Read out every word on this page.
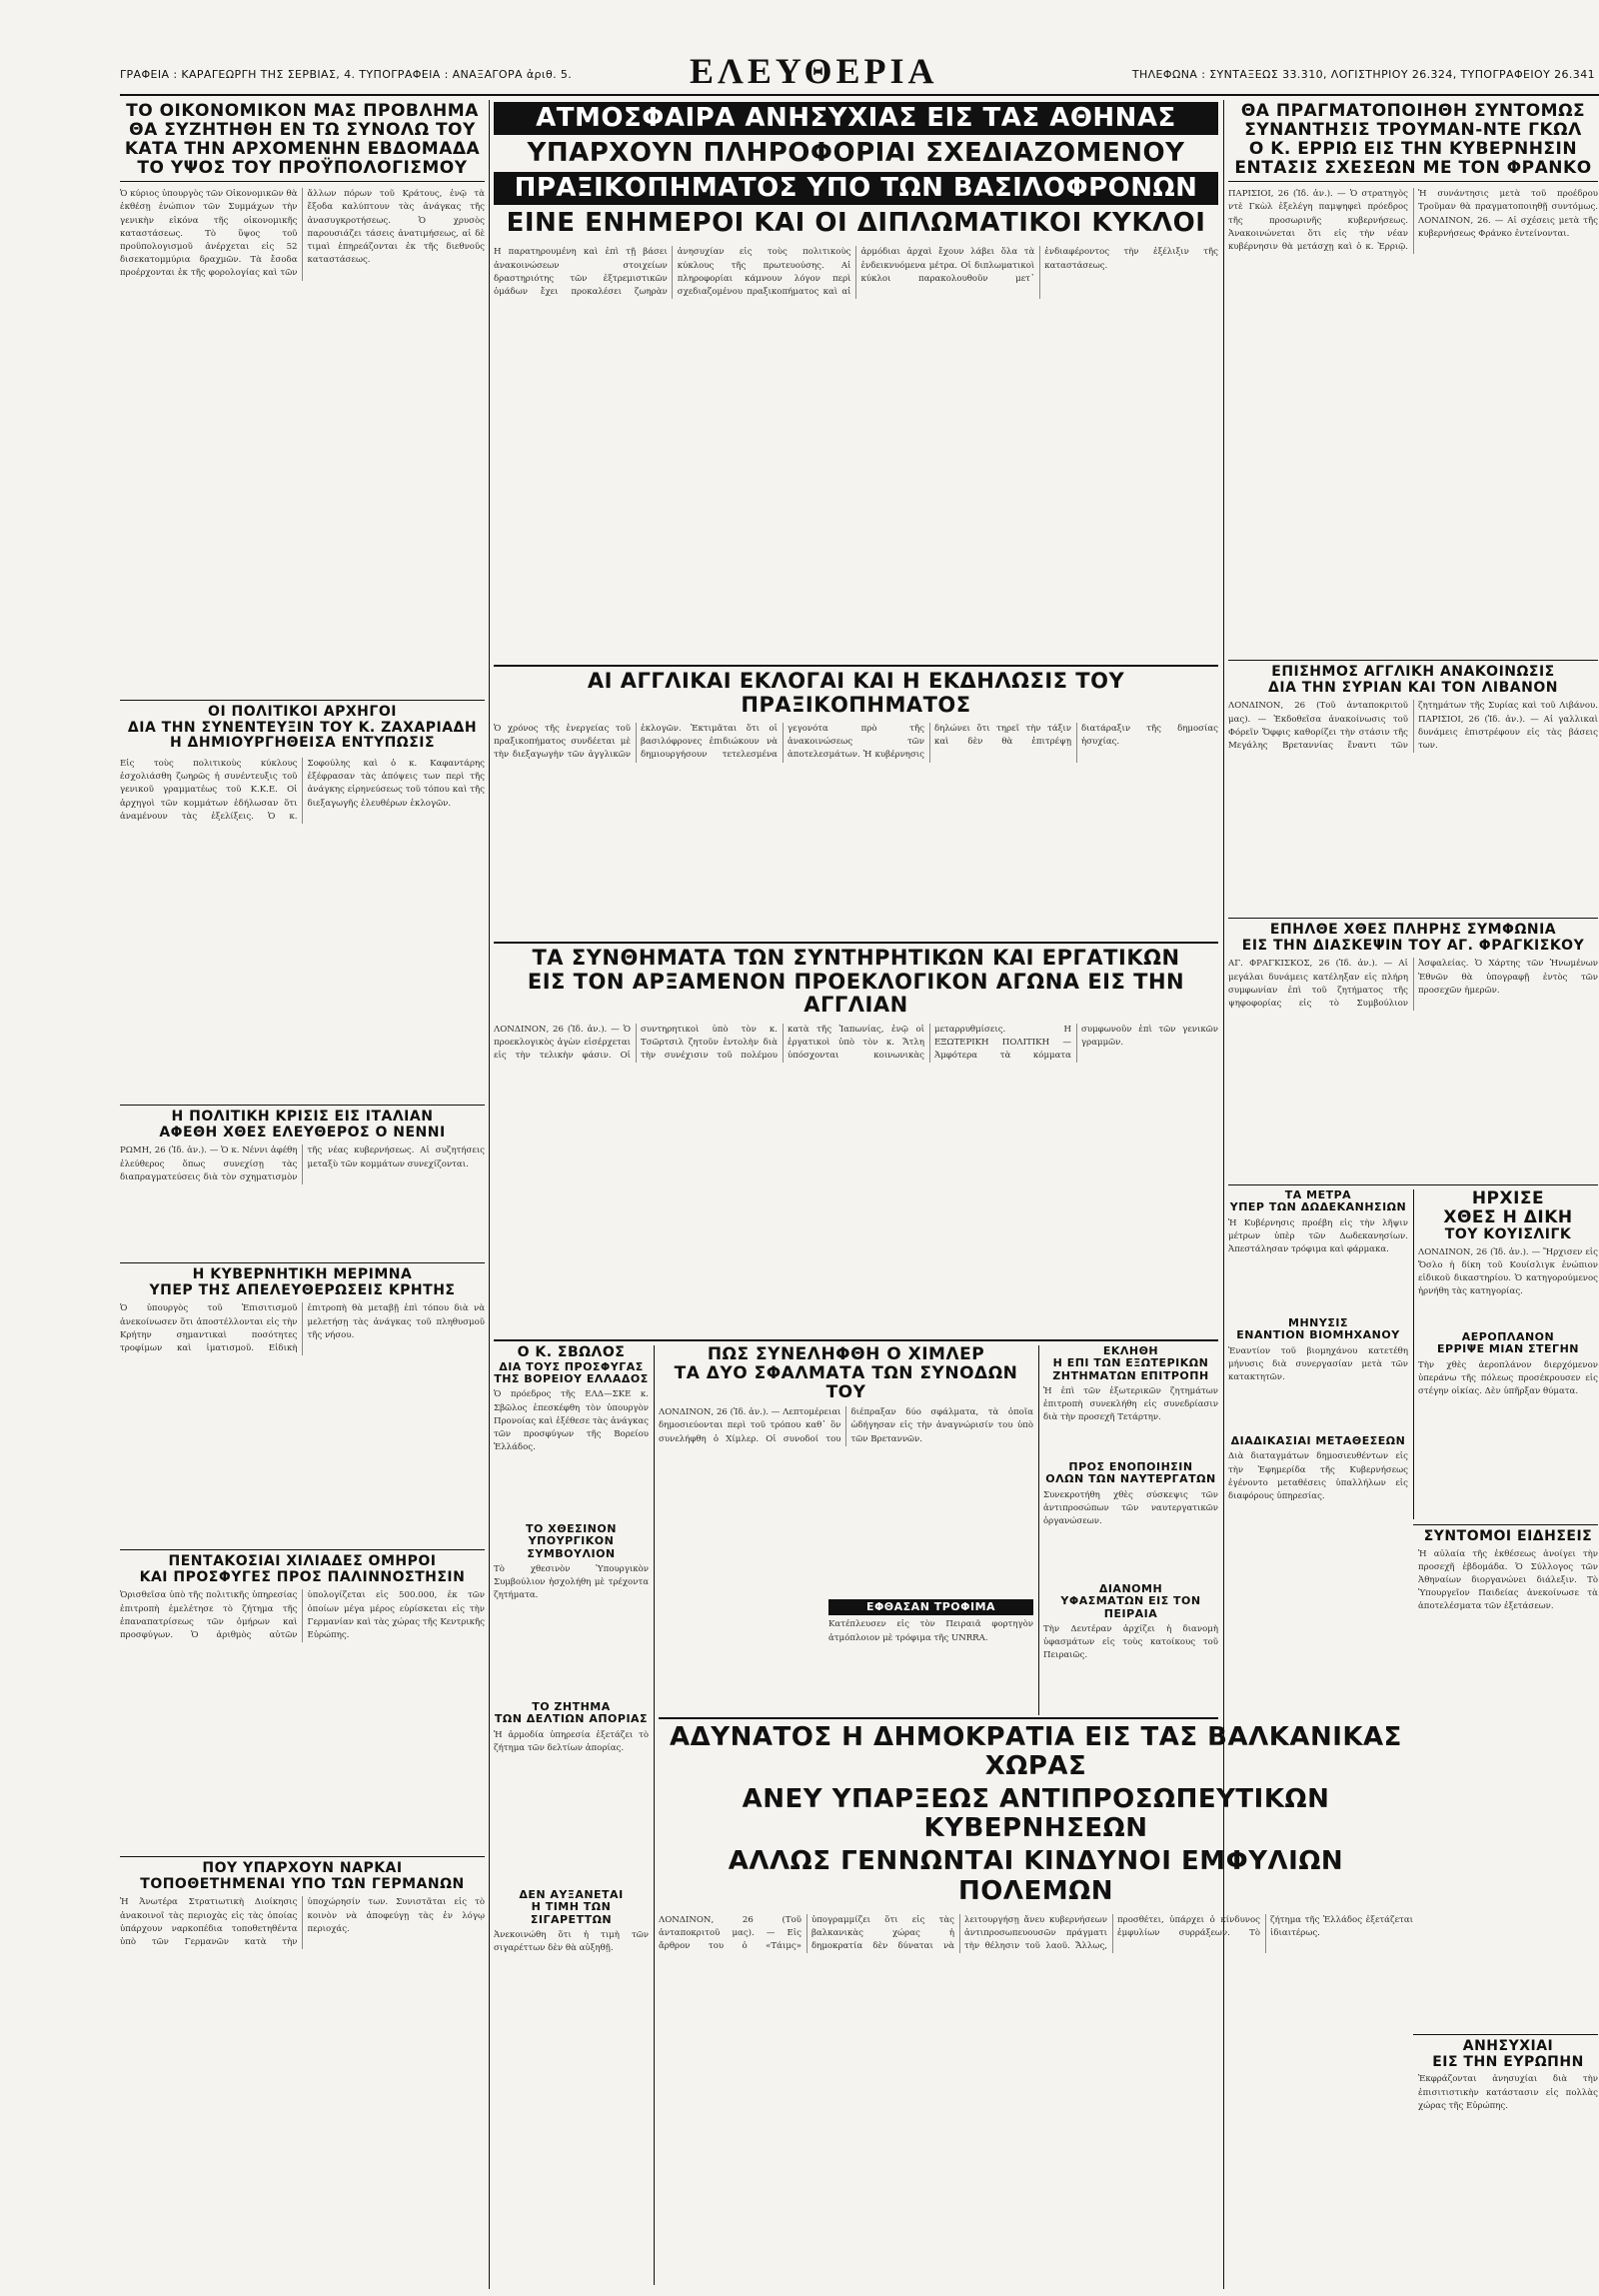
ΓΡΑΦΕΙΑ : ΚΑΡΑΓΕΩΡΓΗ ΤΗΣ ΣΕΡΒΙΑΣ, 4. ΤΥΠΟΓΡΑΦΕΙΑ : ΑΝΑΞΑΓΟΡΑ ἀριθ. 5.	ΕΛΕΥΘΕΡΙΑ	ΤΗΛΕΦΩΝΑ : ΣΥΝΤΑΞΕΩΣ 33.310, ΛΟΓΙΣΤΗΡΙΟΥ 26.324, ΤΥΠΟΓΡΑΦΕΙΟΥ 26.341
ΤΟ ΟΙΚΟΝΟΜΙΚΟΝ ΜΑΣ ΠΡΟΒΛΗΜΑ
ΘΑ ΣΥΖΗΤΗΘΗ ΕΝ ΤΩ ΣΥΝΟΛΩ ΤΟΥ
ΚΑΤΑ ΤΗΝ ΑΡΧΟΜΕΝΗΝ ΕΒΔΟΜΑΔΑ
ΤΟ ΥΨΟΣ ΤΟΥ ΠΡΟΫΠΟΛΟΓΙΣΜΟΥ
Ὁ κύριος ὑπουργὸς τῶν Οἰκονομικῶν θὰ ἐκθέσῃ ἐνώπιον τῶν Συμμάχων τὴν γενικὴν εἰκόνα τῆς οἰκονομικῆς καταστάσεως. Τὸ ὕψος τοῦ προϋπολογισμοῦ ἀνέρχεται εἰς 52 δισεκατομμύρια δραχμῶν. Τὰ ἔσοδα προέρχονται ἐκ τῆς φορολογίας καὶ τῶν ἄλλων πόρων τοῦ Κράτους, ἐνῷ τὰ ἔξοδα καλύπτουν τὰς ἀνάγκας τῆς ἀνασυγκροτήσεως. Ὁ χρυσὸς παρουσιάζει τάσεις ἀνατιμήσεως, αἱ δὲ τιμαὶ ἐπηρεάζονται ἐκ τῆς διεθνοῦς καταστάσεως.
ΟΙ ΠΟΛΙΤΙΚΟΙ ΑΡΧΗΓΟΙ
ΔΙΑ ΤΗΝ ΣΥΝΕΝΤΕΥΞΙΝ ΤΟΥ Κ. ΖΑΧΑΡΙΑΔΗ
Η ΔΗΜΙΟΥΡΓΗΘΕΙΣΑ ΕΝΤΥΠΩΣΙΣ
Εἰς τοὺς πολιτικοὺς κύκλους ἐσχολιάσθη ζωηρῶς ἡ συνέντευξις τοῦ γενικοῦ γραμματέως τοῦ Κ.Κ.Ε. Οἱ ἀρχηγοὶ τῶν κομμάτων ἐδήλωσαν ὅτι ἀναμένουν τὰς ἐξελίξεις. Ὁ κ. Σοφούλης καὶ ὁ κ. Καφαντάρης ἐξέφρασαν τὰς ἀπόψεις των περὶ τῆς ἀνάγκης εἰρηνεύσεως τοῦ τόπου καὶ τῆς διεξαγωγῆς ἐλευθέρων ἐκλογῶν.
Η ΠΟΛΙΤΙΚΗ ΚΡΙΣΙΣ ΕΙΣ ΙΤΑΛΙΑΝ
ΑΦΕΘΗ ΧΘΕΣ ΕΛΕΥΘΕΡΟΣ Ο ΝΕΝΝΙ
ΡΩΜΗ, 26 (Ἰδ. ἀν.). — Ὁ κ. Νέννι ἀφέθη ἐλεύθερος ὅπως συνεχίσῃ τὰς διαπραγματεύσεις διὰ τὸν σχηματισμὸν τῆς νέας κυβερνήσεως. Αἱ συζητήσεις μεταξὺ τῶν κομμάτων συνεχίζονται.
Η ΚΥΒΕΡΝΗΤΙΚΗ ΜΕΡΙΜΝΑ
ΥΠΕΡ ΤΗΣ ΑΠΕΛΕΥΘΕΡΩΣΕΙΣ ΚΡΗΤΗΣ
Ὁ ὑπουργὸς τοῦ Ἐπισιτισμοῦ ἀνεκοίνωσεν ὅτι ἀποστέλλονται εἰς τὴν Κρήτην σημαντικαὶ ποσότητες τροφίμων καὶ ἱματισμοῦ. Εἰδικὴ ἐπιτροπὴ θὰ μεταβῇ ἐπὶ τόπου διὰ νὰ μελετήσῃ τὰς ἀνάγκας τοῦ πληθυσμοῦ τῆς νήσου.
ΠΕΝΤΑΚΟΣΙΑΙ ΧΙΛΙΑΔΕΣ ΟΜΗΡΟΙ
ΚΑΙ ΠΡΟΣΦΥΓΕΣ ΠΡΟΣ ΠΑΛΙΝΝΟΣΤΗΣΙΝ
Ὁρισθεῖσα ὑπὸ τῆς πολιτικῆς ὑπηρεσίας ἐπιτροπὴ ἐμελέτησε τὸ ζήτημα τῆς ἐπαναπατρίσεως τῶν ὁμήρων καὶ προσφύγων. Ὁ ἀριθμὸς αὐτῶν ὑπολογίζεται εἰς 500.000, ἐκ τῶν ὁποίων μέγα μέρος εὑρίσκεται εἰς τὴν Γερμανίαν καὶ τὰς χώρας τῆς Κεντρικῆς Εὐρώπης.
ΠΟΥ ΥΠΑΡΧΟΥΝ ΝΑΡΚΑΙ
ΤΟΠΟΘΕΤΗΜΕΝΑΙ ΥΠΟ ΤΩΝ ΓΕΡΜΑΝΩΝ
Ἡ Ἀνωτέρα Στρατιωτικὴ Διοίκησις ἀνακοινοῖ τὰς περιοχὰς εἰς τὰς ὁποίας ὑπάρχουν ναρκοπέδια τοποθετηθέντα ὑπὸ τῶν Γερμανῶν κατὰ τὴν ὑποχώρησίν των. Συνιστᾶται εἰς τὸ κοινὸν νὰ ἀποφεύγῃ τὰς ἐν λόγῳ περιοχάς.
ΑΤΜΟΣΦΑΙΡΑ ΑΝΗΣΥΧΙΑΣ ΕΙΣ ΤΑΣ ΑΘΗΝΑΣ
ΥΠΑΡΧΟΥΝ ΠΛΗΡΟΦΟΡΙΑΙ ΣΧΕΔΙΑΖΟΜΕΝΟΥ
ΠΡΑΞΙΚΟΠΗΜΑΤΟΣ ΥΠΟ ΤΩΝ ΒΑΣΙΛΟΦΡΟΝΩΝ
ΕΙΝΕ ΕΝΗΜΕΡΟΙ ΚΑΙ ΟΙ ΔΙΠΛΩΜΑΤΙΚΟΙ ΚΥΚΛΟΙ
Η παρατηρουμένη καὶ ἐπὶ τῇ βάσει ἀνακοινώσεων στοιχείων δραστηριότης τῶν ἐξτρεμιστικῶν ὁμάδων ἔχει προκαλέσει ζωηρὰν ἀνησυχίαν εἰς τοὺς πολιτικοὺς κύκλους τῆς πρωτευούσης. Αἱ πληροφορίαι κάμνουν λόγον περὶ σχεδιαζομένου πραξικοπήματος καὶ αἱ ἁρμόδιαι ἀρχαὶ ἔχουν λάβει ὅλα τὰ ἐνδεικνυόμενα μέτρα. Οἱ διπλωματικοὶ κύκλοι παρακολουθοῦν μετ᾽ ἐνδιαφέροντος τὴν ἐξέλιξιν τῆς καταστάσεως.
ΘΑ ΠΡΑΓΜΑΤΟΠΟΙΗΘΗ ΣΥΝΤΟΜΩΣ
ΣΥΝΑΝΤΗΣΙΣ ΤΡΟΥΜΑΝ-ΝΤΕ ΓΚΩΛ
Ο Κ. ΕΡΡΙΩ ΕΙΣ ΤΗΝ ΚΥΒΕΡΝΗΣΙΝ
ΕΝΤΑΣΙΣ ΣΧΕΣΕΩΝ ΜΕ ΤΟΝ ΦΡΑΝΚΟ
ΠΑΡΙΣΙΟΙ, 26 (Ἰδ. ἀν.). — Ὁ στρατηγὸς ντὲ Γκὼλ ἐξελέγη παμψηφεὶ πρόεδρος τῆς προσωρινῆς κυβερνήσεως. Ἀνακοινώνεται ὅτι εἰς τὴν νέαν κυβέρνησιν θὰ μετάσχῃ καὶ ὁ κ. Ἐρριῷ. Ἡ συνάντησις μετὰ τοῦ προέδρου Τροῦμαν θὰ πραγματοποιηθῇ συντόμως. ΛΟΝΔΙΝΟΝ, 26. — Αἱ σχέσεις μετὰ τῆς κυβερνήσεως Φράνκο ἐντείνονται.
ΕΠΙΣΗΜΟΣ ΑΓΓΛΙΚΗ ΑΝΑΚΟΙΝΩΣΙΣ
ΔΙΑ ΤΗΝ ΣΥΡΙΑΝ ΚΑΙ ΤΟΝ ΛΙΒΑΝΟΝ
ΛΟΝΔΙΝΟΝ, 26 (Τοῦ ἀνταποκριτοῦ μας). — Ἐκδοθεῖσα ἀνακοίνωσις τοῦ Φόρεϊν Ὄφφις καθορίζει τὴν στάσιν τῆς Μεγάλης Βρεταννίας ἔναντι τῶν ζητημάτων τῆς Συρίας καὶ τοῦ Λιβάνου. ΠΑΡΙΣΙΟΙ, 26 (Ἰδ. ἀν.). — Αἱ γαλλικαὶ δυνάμεις ἐπιστρέφουν εἰς τὰς βάσεις των.
ΕΠΗΛΘΕ ΧΘΕΣ ΠΛΗΡΗΣ ΣΥΜΦΩΝΙΑ
ΕΙΣ ΤΗΝ ΔΙΑΣΚΕΨΙΝ ΤΟΥ ΑΓ. ΦΡΑΓΚΙΣΚΟΥ
ΑΓ. ΦΡΑΓΚΙΣΚΟΣ, 26 (Ἰδ. ἀν.). — Αἱ μεγάλαι δυνάμεις κατέληξαν εἰς πλήρη συμφωνίαν ἐπὶ τοῦ ζητήματος τῆς ψηφοφορίας εἰς τὸ Συμβούλιον Ἀσφαλείας. Ὁ Χάρτης τῶν Ἡνωμένων Ἐθνῶν θὰ ὑπογραφῇ ἐντὸς τῶν προσεχῶν ἡμερῶν.
ΤΑ ΜΕΤΡΑ
ΥΠΕΡ ΤΩΝ ΔΩΔΕΚΑΝΗΣΙΩΝ
Ἡ Κυβέρνησις προέβη εἰς τὴν λῆψιν μέτρων ὑπὲρ τῶν Δωδεκανησίων. Ἀπεστάλησαν τρόφιμα καὶ φάρμακα.
ΜΗΝΥΣΙΣ
ΕΝΑΝΤΙΟΝ ΒΙΟΜΗΧΑΝΟΥ
Ἐναντίον τοῦ βιομηχάνου κατετέθη μήνυσις διὰ συνεργασίαν μετὰ τῶν κατακτητῶν.
ΔΙΑΔΙΚΑΣΙΑΙ ΜΕΤΑΘΕΣΕΩΝ
Διὰ διαταγμάτων δημοσιευθέντων εἰς τὴν Ἐφημερίδα τῆς Κυβερνήσεως ἐγένοντο μεταθέσεις ὑπαλλήλων εἰς διαφόρους ὑπηρεσίας.
ΗΡΧΙΣΕ
ΧΘΕΣ Η ΔΙΚΗ
ΤΟΥ ΚΟΥΙΣΛΙΓΚ
ΛΟΝΔΙΝΟΝ, 26 (Ἰδ. ἀν.). — Ἤρχισεν εἰς Ὄσλο ἡ δίκη τοῦ Κουίσλιγκ ἐνώπιον εἰδικοῦ δικαστηρίου. Ὁ κατηγορούμενος ἠρνήθη τὰς κατηγορίας.
ΑΕΡΟΠΛΑΝΟΝ
ΕΡΡΙΨΕ ΜΙΑΝ ΣΤΕΓΗΝ
Τὴν χθὲς ἀεροπλάνον διερχόμενον ὑπεράνω τῆς πόλεως προσέκρουσεν εἰς στέγην οἰκίας. Δὲν ὑπῆρξαν θύματα.
ΣΥΝΤΟΜΟΙ ΕΙΔΗΣΕΙΣ
Ἡ αὐλαία τῆς ἐκθέσεως ἀνοίγει τὴν προσεχῆ ἑβδομάδα. Ὁ Σύλλογος τῶν Ἀθηναίων διοργανώνει διάλεξιν. Τὸ Ὑπουργεῖον Παιδείας ἀνεκοίνωσε τὰ ἀποτελέσματα τῶν ἐξετάσεων.
ΑΝΗΣΥΧΙΑΙ
ΕΙΣ ΤΗΝ ΕΥΡΩΠΗΝ
Ἐκφράζονται ἀνησυχίαι διὰ τὴν ἐπισιτιστικὴν κατάστασιν εἰς πολλὰς χώρας τῆς Εὐρώπης.
ΑΙ ΑΓΓΛΙΚΑΙ ΕΚΛΟΓΑΙ ΚΑΙ Η ΕΚΔΗΛΩΣΙΣ ΤΟΥ ΠΡΑΞΙΚΟΠΗΜΑΤΟΣ
Ὁ χρόνος τῆς ἐνεργείας τοῦ πραξικοπήματος συνδέεται μὲ τὴν διεξαγωγὴν τῶν ἀγγλικῶν ἐκλογῶν. Ἐκτιμᾶται ὅτι οἱ βασιλόφρονες ἐπιδιώκουν νὰ δημιουργήσουν τετελεσμένα γεγονότα πρὸ τῆς ἀνακοινώσεως τῶν ἀποτελεσμάτων. Ἡ κυβέρνησις δηλώνει ὅτι τηρεῖ τὴν τάξιν καὶ δὲν θὰ ἐπιτρέψῃ διατάραξιν τῆς δημοσίας ἡσυχίας.
ΤΑ ΣΥΝΘΗΜΑΤΑ ΤΩΝ ΣΥΝΤΗΡΗΤΙΚΩΝ ΚΑΙ ΕΡΓΑΤΙΚΩΝ
ΕΙΣ ΤΟΝ ΑΡΞΑΜΕΝΟΝ ΠΡΟΕΚΛΟΓΙΚΟΝ ΑΓΩΝΑ ΕΙΣ ΤΗΝ ΑΓΓΛΙΑΝ
ΛΟΝΔΙΝΟΝ, 26 (Ἰδ. ἀν.). — Ὁ προεκλογικὸς ἀγὼν εἰσέρχεται εἰς τὴν τελικὴν φάσιν. Οἱ συντηρητικοὶ ὑπὸ τὸν κ. Τσῶρτσιλ ζητοῦν ἐντολὴν διὰ τὴν συνέχισιν τοῦ πολέμου κατὰ τῆς Ἰαπωνίας, ἐνῷ οἱ ἐργατικοὶ ὑπὸ τὸν κ. Ἄτλη ὑπόσχονται κοινωνικὰς μεταρρυθμίσεις. Η ΕΞΩΤΕΡΙΚΗ ΠΟΛΙΤΙΚΗ — Ἀμφότερα τὰ κόμματα συμφωνοῦν ἐπὶ τῶν γενικῶν γραμμῶν.
Ο Κ. ΣΒΩΛΟΣ
ΔΙΑ ΤΟΥΣ ΠΡΟΣΦΥΓΑΣ
ΤΗΣ ΒΟΡΕΙΟΥ ΕΛΛΑΔΟΣ
Ὁ πρόεδρος τῆς ΕΛΔ—ΣΚΕ κ. Σβῶλος ἐπεσκέφθη τὸν ὑπουργὸν Προνοίας καὶ ἐξέθεσε τὰς ἀνάγκας τῶν προσφύγων τῆς Βορείου Ἑλλάδος.
ΤΟ ΧΘΕΣΙΝΟΝ
ΥΠΟΥΡΓΙΚΟΝ ΣΥΜΒΟΥΛΙΟΝ
Τὸ χθεσινὸν Ὑπουργικὸν Συμβούλιον ἠσχολήθη μὲ τρέχοντα ζητήματα.
ΤΟ ΖΗΤΗΜΑ
ΤΩΝ ΔΕΛΤΙΩΝ ΑΠΟΡΙΑΣ
Ἡ ἁρμοδία ὑπηρεσία ἐξετάζει τὸ ζήτημα τῶν δελτίων ἀπορίας.
ΔΕΝ ΑΥΞΑΝΕΤΑΙ
Η ΤΙΜΗ ΤΩΝ ΣΙΓΑΡΕΤΤΩΝ
Ἀνεκοινώθη ὅτι ἡ τιμὴ τῶν σιγαρέττων δὲν θὰ αὐξηθῇ.
ΠΩΣ ΣΥΝΕΛΗΦΘΗ Ο ΧΙΜΛΕΡ
ΤΑ ΔΥΟ ΣΦΑΛΜΑΤΑ ΤΩΝ ΣΥΝΟΔΩΝ ΤΟΥ
ΛΟΝΔΙΝΟΝ, 26 (Ἰδ. ἀν.). — Λεπτομέρειαι δημοσιεύονται περὶ τοῦ τρόπου καθ᾽ ὃν συνελήφθη ὁ Χίμλερ. Οἱ συνοδοί του διέπραξαν δύο σφάλματα, τὰ ὁποῖα ὡδήγησαν εἰς τὴν ἀναγνώρισίν του ὑπὸ τῶν Βρεταννῶν.
ΕΦΘΑΣΑΝ ΤΡΟΦΙΜΑ
Κατέπλευσεν εἰς τὸν Πειραιᾶ φορτηγὸν ἀτμόπλοιον μὲ τρόφιμα τῆς UNRRA.
ΕΚΛΗΘΗ
Η ΕΠΙ ΤΩΝ ΕΞΩΤΕΡΙΚΩΝ
ΖΗΤΗΜΑΤΩΝ ΕΠΙΤΡΟΠΗ
Ἡ ἐπὶ τῶν ἐξωτερικῶν ζητημάτων ἐπιτροπὴ συνεκλήθη εἰς συνεδρίασιν διὰ τὴν προσεχῆ Τετάρτην.
ΠΡΟΣ ΕΝΟΠΟΙΗΣΙΝ
ΟΛΩΝ ΤΩΝ ΝΑΥΤΕΡΓΑΤΩΝ
Συνεκροτήθη χθὲς σύσκεψις τῶν ἀντιπροσώπων τῶν ναυτεργατικῶν ὀργανώσεων.
ΔΙΑΝΟΜΗ
ΥΦΑΣΜΑΤΩΝ ΕΙΣ ΤΟΝ ΠΕΙΡΑΙΑ
Τὴν Δευτέραν ἀρχίζει ἡ διανομὴ ὑφασμάτων εἰς τοὺς κατοίκους τοῦ Πειραιῶς.
ΑΔΥΝΑΤΟΣ Η ΔΗΜΟΚΡΑΤΙΑ ΕΙΣ ΤΑΣ ΒΑΛΚΑΝΙΚΑΣ ΧΩΡΑΣ
ΑΝΕΥ ΥΠΑΡΞΕΩΣ ΑΝΤΙΠΡΟΣΩΠΕΥΤΙΚΩΝ ΚΥΒΕΡΝΗΣΕΩΝ
ΑΛΛΩΣ ΓΕΝΝΩΝΤΑΙ ΚΙΝΔΥΝΟΙ ΕΜΦΥΛΙΩΝ ΠΟΛΕΜΩΝ
ΛΟΝΔΙΝΟΝ, 26 (Τοῦ ἀνταποκριτοῦ μας). — Εἰς ἄρθρον του ὁ «Τάιμς» ὑπογραμμίζει ὅτι εἰς τὰς βαλκανικὰς χώρας ἡ δημοκρατία δὲν δύναται νὰ λειτουργήσῃ ἄνευ κυβερνήσεων ἀντιπροσωπευουσῶν πράγματι τὴν θέλησιν τοῦ λαοῦ. Ἄλλως, προσθέτει, ὑπάρχει ὁ κίνδυνος ἐμφυλίων συρράξεων. Τὸ ζήτημα τῆς Ἑλλάδος ἐξετάζεται ἰδιαιτέρως.
